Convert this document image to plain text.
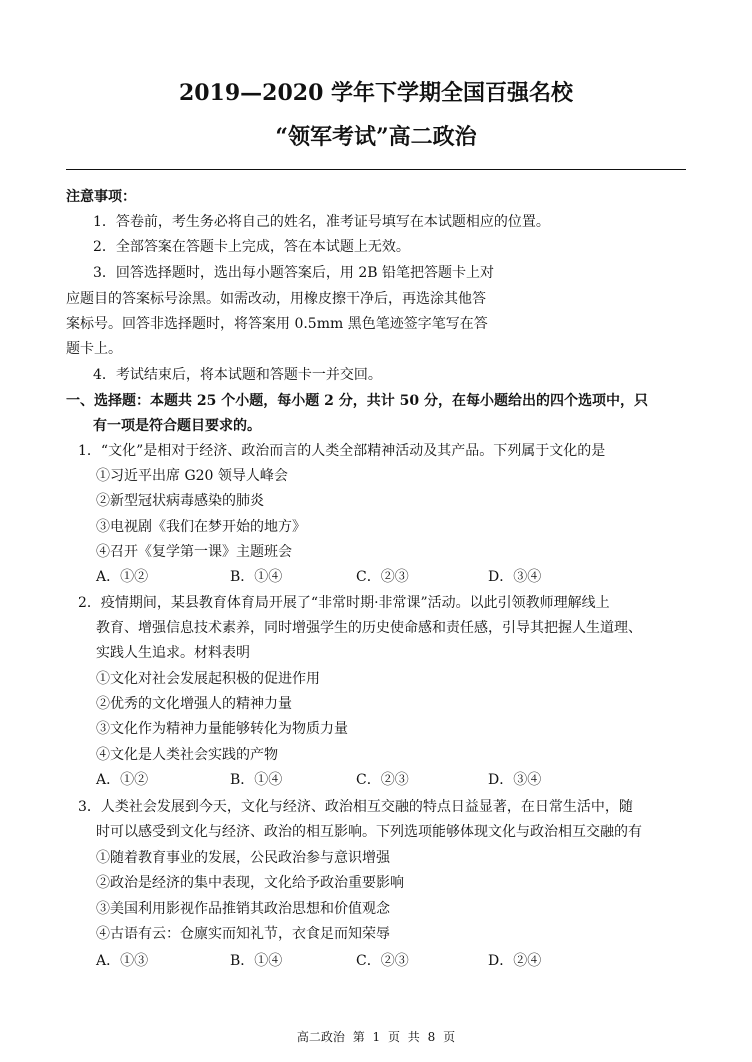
2019—2020 学年下学期全国百强名校
“领军考试”高二政治
注意事项：
1．答卷前，考生务必将自己的姓名，准考证号填写在本试题相应的位置。
2．全部答案在答题卡上完成，答在本试题上无效。
3．回答选择题时，选出每小题答案后，用 2B 铅笔把答题卡上对
应题目的答案标号涂黑。如需改动，用橡皮擦干净后，再选涂其他答
案标号。回答非选择题时，将答案用 0.5mm 黑色笔迹签字笔写在答
题卡上。
4．考试结束后，将本试题和答题卡一并交回。
一、选择题：本题共 25 个小题，每小题 2 分，共计 50 分，在每小题给出的四个选项中，只
有一项是符合题目要求的。
1．“文化”是相对于经济、政治而言的人类全部精神活动及其产品。下列属于文化的是
①习近平出席 G20 领导人峰会
②新型冠状病毒感染的肺炎
③电视剧《我们在梦开始的地方》
④召开《复学第一课》主题班会
A．①②	B．①④	C．②③	D．③④
2．疫情期间，某县教育体育局开展了“非常时期·非常课”活动。以此引领教师理解线上
教育、增强信息技术素养，同时增强学生的历史使命感和责任感，引导其把握人生道理、
实践人生追求。材料表明
①文化对社会发展起积极的促进作用
②优秀的文化增强人的精神力量
③文化作为精神力量能够转化为物质力量
④文化是人类社会实践的产物
A．①②	B．①④	C．②③	D．③④
3．人类社会发展到今天，文化与经济、政治相互交融的特点日益显著，在日常生活中，随
时可以感受到文化与经济、政治的相互影响。下列选项能够体现文化与政治相互交融的有
①随着教育事业的发展，公民政治参与意识增强
②政治是经济的集中表现，文化给予政治重要影响
③美国利用影视作品推销其政治思想和价值观念
④古语有云：仓廪实而知礼节，衣食足而知荣辱
A．①③	B．①④	C．②③	D．②④
高二政治 第 1 页 共 8 页
